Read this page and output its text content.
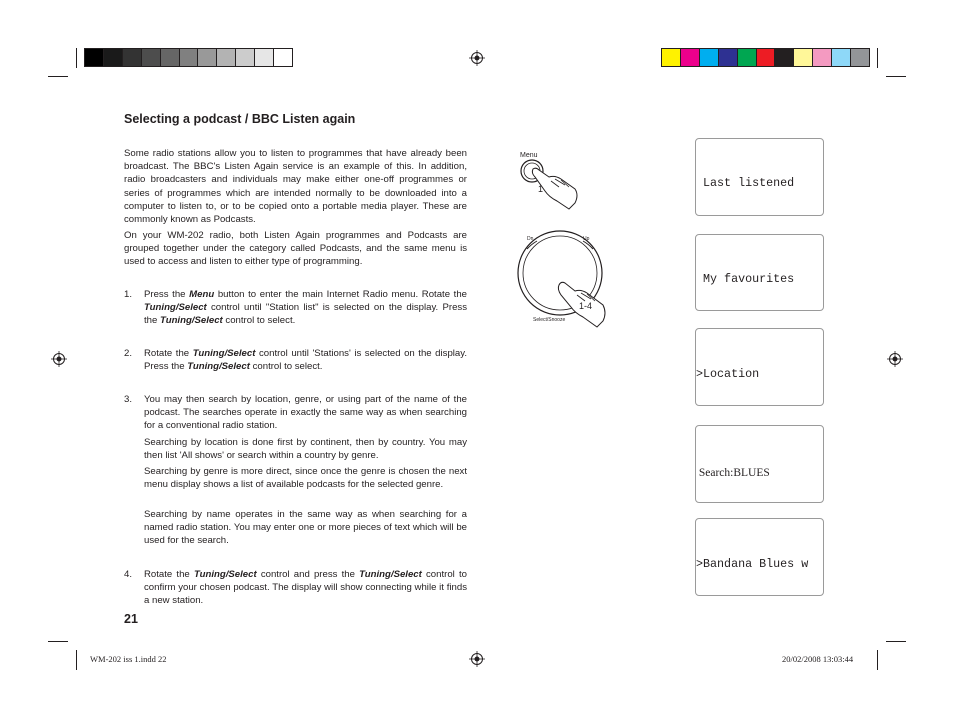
Selecting a podcast / BBC Listen again
Some radio stations allow you to listen to programmes that have already been broadcast. The BBC's Listen Again service is an example of this. In addition, radio broadcasters and individuals may make either one-off programmes or series of programmes which are intended normally to be downloaded into a computer to listen to, or to be copied onto a portable media player. These are commonly known as Podcasts.
On your WM-202 radio, both Listen Again programmes and Podcasts are grouped together under the category called Podcasts, and the same menu is used to access and listen to either type of programming.
1. Press the Menu button to enter the main Internet Radio menu. Rotate the Tuning/Select control until "Station list" is selected on the display. Press the Tuning/Select control to select.
2. Rotate the Tuning/Select control until 'Stations' is selected on the display. Press the Tuning/Select control to select.
3. You may then search by location, genre, or using part of the name of the podcast. The searches operate in exactly the same way as when searching for a conventional radio station.
Searching by location is done first by continent, then by country. You may then list 'All shows' or search within a country by genre.
Searching by genre is more direct, since once the genre is chosen the next menu display shows a list of available podcasts for the selected genre.
Searching by name operates in the same way as when searching for a named radio station. You may enter one or more pieces of text which will be used for the search.
4. Rotate the Tuning/Select control and press the Tuning/Select control to confirm your chosen podcast. The display will show connecting while it finds a new station.
21
WM-202 iss 1.indd 22	20/02/2008 13:03:44
Menu
1
Dn	Up
Select/Snooze
1-4

Last listened

My favourites

>Location

Search:BLUES

>Bandana Blues w
